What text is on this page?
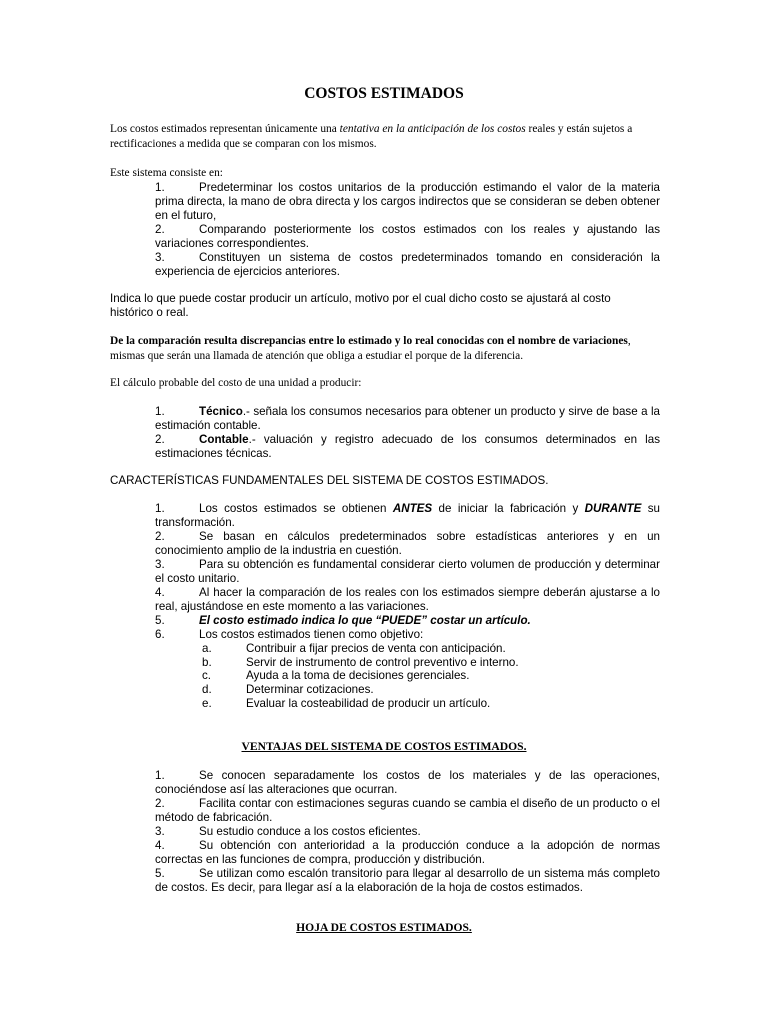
COSTOS ESTIMADOS
Los costos estimados representan únicamente una tentativa en la anticipación de los costos reales y están sujetos a rectificaciones a medida que se comparan con los mismos.
Este sistema consiste en:

1.	Predeterminar los costos unitarios de la producción estimando el valor de la materia prima directa, la mano de obra directa y los cargos indirectos que se consideran se deben obtener en el futuro,

2.	Comparando posteriormente los costos estimados con los reales y ajustando las variaciones correspondientes.

3.	Constituyen un sistema de costos predeterminados tomando en consideración la experiencia de ejercicios anteriores.

Indica lo que puede costar producir un artículo, motivo por el cual dicho costo se ajustará al costo histórico o real.
De la comparación resulta discrepancias entre lo estimado y lo real conocidas con el nombre de variaciones, mismas que serán una llamada de atención que obliga a estudiar el porque de la diferencia.
El cálculo probable del costo de una unidad a producir:

1.	Técnico.- señala los consumos necesarios para obtener un producto y sirve de base a la estimación contable.

2.	Contable.- valuación y registro adecuado de los consumos determinados en las estimaciones técnicas.

CARACTERÍSTICAS FUNDAMENTALES DEL SISTEMA DE COSTOS ESTIMADOS.

1.	Los costos estimados se obtienen ANTES de iniciar la fabricación y DURANTE su transformación.

2.	Se basan en cálculos predeterminados sobre estadísticas anteriores y en un conocimiento amplio de la industria en cuestión.

3.	Para su obtención es fundamental considerar cierto volumen de producción y determinar el costo unitario.

4.	Al hacer la comparación de los reales con los estimados siempre deberán ajustarse a lo real, ajustándose en este momento a las variaciones.

5.	El costo estimado indica lo que “PUEDE” costar un artículo.

6.	Los costos estimados tienen como objetivo:

a.	Contribuir a fijar precios de venta con anticipación.

b.	Servir de instrumento de control preventivo e interno.

c.	Ayuda a la toma de decisiones gerenciales.

d.	Determinar cotizaciones.

e.	Evaluar la costeabilidad de producir un artículo.

VENTAJAS DEL SISTEMA DE COSTOS ESTIMADOS.

1.	Se conocen separadamente los costos de los materiales y de las operaciones, conociéndose así las alteraciones que ocurran.

2.	Facilita contar con estimaciones seguras cuando se cambia el diseño de un producto o el método de fabricación.

3.	Su estudio conduce a los costos eficientes.

4.	Su obtención con anterioridad a la producción conduce a la adopción de normas correctas en las funciones de compra, producción y distribución.

5.	Se utilizan como escalón transitorio para llegar al desarrollo de un sistema más completo de costos. Es decir, para llegar así a la elaboración de la hoja de costos estimados.

HOJA DE COSTOS ESTIMADOS.
